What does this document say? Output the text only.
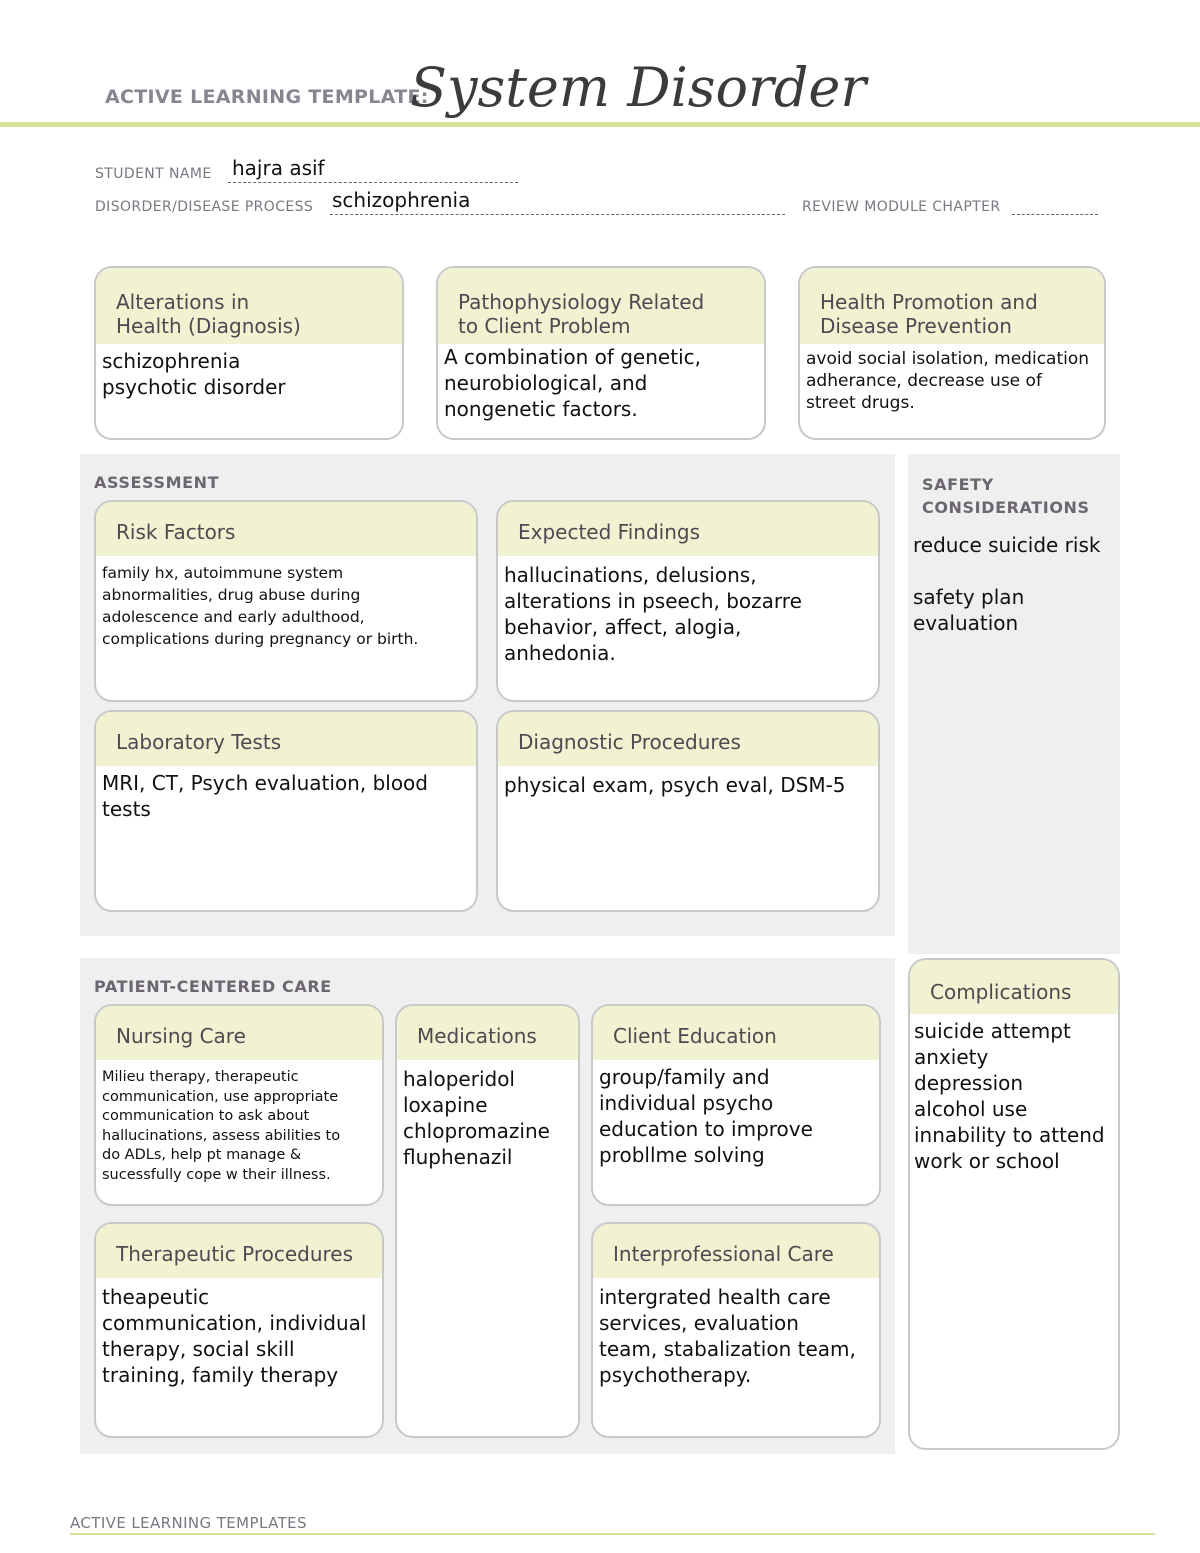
ACTIVE LEARNING TEMPLATE:
System Disorder
STUDENT NAME hajra asif
DISORDER/DISEASE PROCESS schizophrenia	REVIEW MODULE CHAPTER
Alterations in
Health (Diagnosis)
schizophrenia
psychotic disorder
Pathophysiology Related
to Client Problem
A combination of genetic,
neurobiological, and
nongenetic factors.
Health Promotion and
Disease Prevention
avoid social isolation, medication
adherance, decrease use of
street drugs.
ASSESSMENT
Risk Factors
family hx, autoimmune system
abnormalities, drug abuse during
adolescence and early adulthood,
complications during pregnancy or birth.
Expected Findings
hallucinations, delusions,
alterations in pseech, bozarre
behavior, affect, alogia,
anhedonia.
Laboratory Tests
MRI, CT, Psych evaluation, blood
tests
Diagnostic Procedures
physical exam, psych eval, DSM-5
SAFETY
CONSIDERATIONS
reduce suicide risk

safety plan
evaluation
PATIENT-CENTERED CARE
Nursing Care
Milieu therapy, therapeutic
communication, use appropriate
communication to ask about
hallucinations, assess abilities to
do ADLs, help pt manage &
sucessfully cope w their illness.
Medications
haloperidol
loxapine
chlopromazine
fluphenazil
Client Education
group/family and
individual psycho
education to improve
probllme solving
Therapeutic Procedures
theapeutic
communication, individual
therapy, social skill
training, family therapy
Interprofessional Care
intergrated health care
services, evaluation
team, stabalization team,
psychotherapy.
Complications
suicide attempt
anxiety
depression
alcohol use
innability to attend
work or school
ACTIVE LEARNING TEMPLATES
